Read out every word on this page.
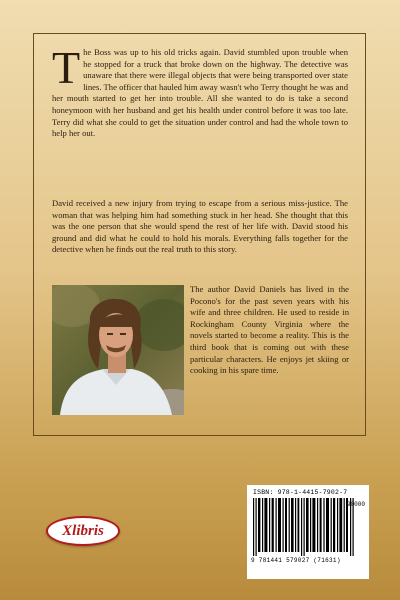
The Boss was up to his old tricks again. David stumbled upon trouble when he stopped for a truck that broke down on the highway. The detective was unaware that there were illegal objects that were being transported over state lines. The officer that hauled him away wasn't who Terry thought he was and her mouth started to get her into trouble. All she wanted to do is take a second honeymoon with her husband and get his health under control before it was too late. Terry did what she could to get the situation under control and had the whole town to help her out.

David received a new injury from trying to escape from a serious miss-justice. The woman that was helping him had something stuck in her head. She thought that this was the one person that she would spend the rest of her life with. David stood his ground and did what he could to hold his morals. Everything falls together for the detective when he finds out the real truth to this story.

The author David Daniels has lived in the Pocono's for the past seven years with his wife and three children. He used to reside in Rockingham County Virginia where the novels started to become a reality. This is the third book that is coming out with these particular characters. He enjoys jet skiing or cooking in his spare time.

Xlibris
ISBN: 978-1-4415-7902-7
90000
9 781441 579027 (71631)
